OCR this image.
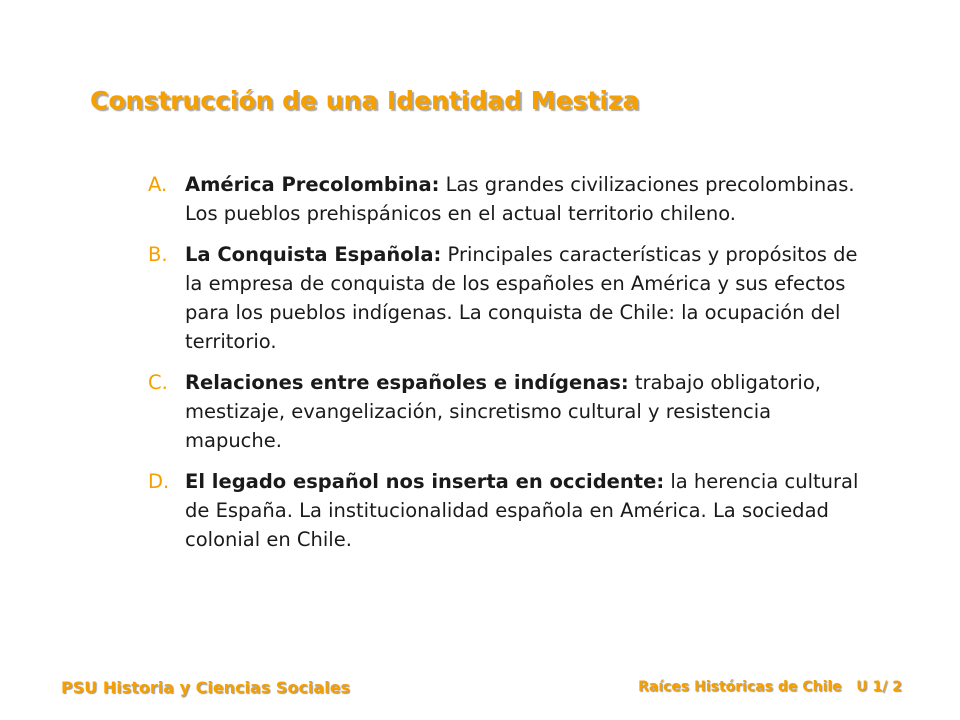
Construcción de una Identidad Mestiza
A. América Precolombina: Las grandes civilizaciones precolombinas. Los pueblos prehispánicos en el actual territorio chileno.
B. La Conquista Española: Principales características y propósitos de la empresa de conquista de los españoles en América y sus efectos para los pueblos indígenas. La conquista de Chile: la ocupación del territorio.
C. Relaciones entre españoles e indígenas: trabajo obligatorio, mestizaje, evangelización, sincretismo cultural y resistencia mapuche.
D. El legado español nos inserta en occidente: la herencia cultural de España. La institucionalidad española en América. La sociedad colonial en Chile.
PSU Historia y Ciencias Sociales	Raíces Históricas de Chile   U 1/ 2
